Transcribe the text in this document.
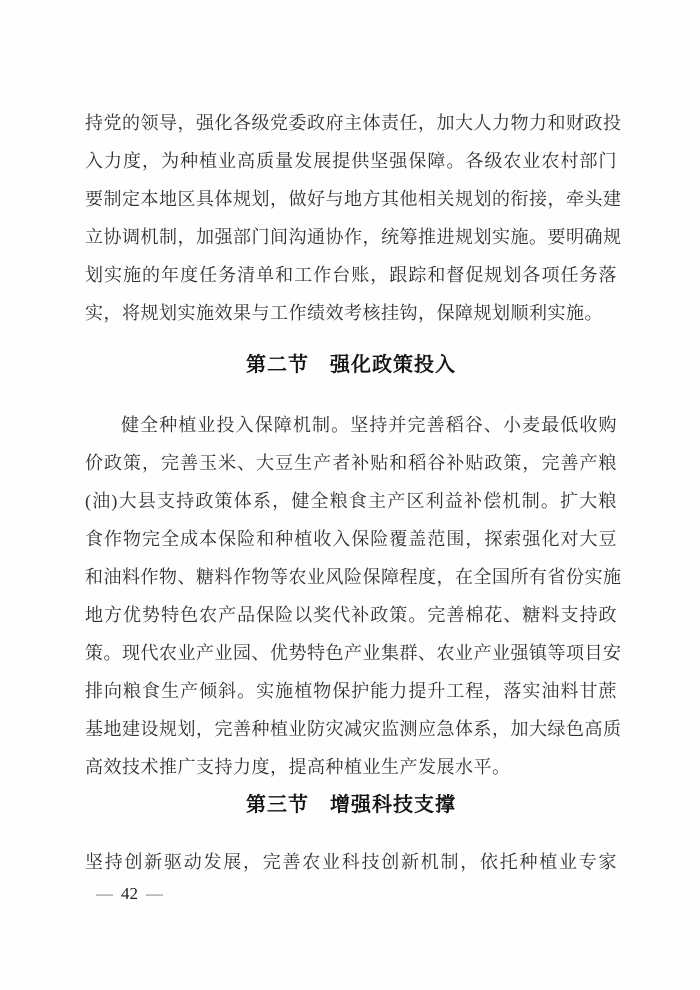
持党的领导，强化各级党委政府主体责任，加大人力物力和财政投
入力度，为种植业高质量发展提供坚强保障。各级农业农村部门
要制定本地区具体规划，做好与地方其他相关规划的衔接，牵头建
立协调机制，加强部门间沟通协作，统筹推进规划实施。要明确规
划实施的年度任务清单和工作台账，跟踪和督促规划各项任务落
实，将规划实施效果与工作绩效考核挂钩，保障规划顺利实施。
第二节　强化政策投入
健全种植业投入保障机制。坚持并完善稻谷、小麦最低收购
价政策，完善玉米、大豆生产者补贴和稻谷补贴政策，完善产粮
(油)大县支持政策体系，健全粮食主产区利益补偿机制。扩大粮
食作物完全成本保险和种植收入保险覆盖范围，探索强化对大豆
和油料作物、糖料作物等农业风险保障程度，在全国所有省份实施
地方优势特色农产品保险以奖代补政策。完善棉花、糖料支持政
策。现代农业产业园、优势特色产业集群、农业产业强镇等项目安
排向粮食生产倾斜。实施植物保护能力提升工程，落实油料甘蔗
基地建设规划，完善种植业防灾减灾监测应急体系，加大绿色高质
高效技术推广支持力度，提高种植业生产发展水平。
第三节　增强科技支撑
坚持创新驱动发展，完善农业科技创新机制，依托种植业专家
— 42 —
